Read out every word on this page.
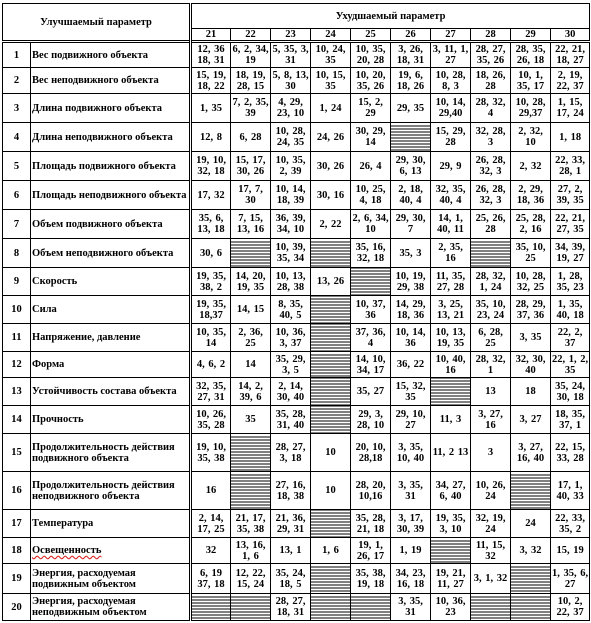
Улучшаемый параметр		Ухудшаемый параметр									
		21	22	23	24	25	26	27	28	29	30
1	Вес подвижного объекта	12, 36 18, 31	6, 2, 34, 19	5, 35, 3, 31	10, 24, 35	10, 35, 20, 28	3, 26, 18, 31	3, 11, 1, 27	28, 27, 35, 26	28, 35, 26, 18	22, 21, 18, 27
2	Вес неподвижного объекта	15, 19, 18, 22	18, 19, 28, 15	5, 8, 13, 30	10, 15, 35	10, 20, 35, 26	19, 6, 18, 26	10, 28, 8, 3	18, 26, 28	10, 1, 35, 17	2, 19, 22, 37
3	Длина подвижного объекта	1, 35	7, 2, 35, 39	4, 29, 23, 10	1, 24	15, 2, 29	29, 35	10, 14, 29,40	28, 32, 4	10, 28, 29,37	1, 15, 17, 24
4	Длина неподвижного объекта	12, 8	6, 28	10, 28, 24, 35	24, 26	30, 29, 14		15, 29, 28	32, 28, 3	2, 32, 10	1, 18
5	Площадь подвижного объекта	19, 10, 32, 18	15, 17, 30, 26	10, 35, 2, 39	30, 26	26, 4	29, 30, 6, 13	29, 9	26, 28, 32, 3	2, 32	22, 33, 28, 1
6	Площадь неподвижного объекта	17, 32	17, 7, 30	10, 14, 18, 39	30, 16	10, 25, 4, 18	2, 18, 40, 4	32, 35, 40, 4	26, 28, 32, 3	2, 29, 18, 36	27, 2, 39, 35
7	Объем подвижного объекта	35, 6, 13, 18	7, 15, 13, 16	36, 39, 34, 10	2, 22	2, 6, 34, 10	29, 30, 7	14, 1, 40, 11	25, 26, 28	25, 28, 2, 16	22, 21, 27, 35
8	Объем неподвижного объекта	30, 6		10, 39, 35, 34		35, 16, 32, 18	35, 3	2, 35, 16		35, 10, 25	34, 39, 19, 27
9	Скорость	19, 35, 38, 2	14, 20, 19, 35	10, 13, 28, 38	13, 26		10, 19, 29, 38	11, 35, 27, 28	28, 32, 1, 24	10, 28, 32, 25	1, 28, 35, 23
10	Сила	19, 35, 18,37	14, 15	8, 35, 40, 5		10, 37, 36	14, 29, 18, 36	3, 25, 13, 21	35, 10, 23, 24	28, 29, 37, 36	1, 35, 40, 18
11	Напряжение, давление	10, 35, 14	2, 36, 25	10, 36, 3, 37		37, 36, 4	10, 14, 36	10, 13, 19, 35	6, 28, 25	3, 35	22, 2, 37
12	Форма	4, 6, 2	14	35, 29, 3, 5		14, 10, 34, 17	36, 22	10, 40, 16	28, 32, 1	32, 30, 40	22, 1, 2, 35
13	Устойчивость состава объекта	32, 35, 27, 31	14, 2, 39, 6	2, 14, 30, 40		35, 27	15, 32, 35		13	18	35, 24, 30, 18
14	Прочность	10, 26, 35, 28	35	35, 28, 31, 40		29, 3, 28, 10	29, 10, 27	11, 3	3, 27, 16	3, 27	18, 35, 37, 1
15	Продолжительность действия подвижного объекта	19, 10, 35, 38		28, 27, 3, 18	10	20, 10, 28,18	3, 35, 10, 40	11, 2 13	3	3, 27, 16, 40	22, 15, 33, 28
16	Продолжительность действия неподвижного объекта	16		27, 16, 18, 38	10	28, 20, 10,16	3, 35, 31	34, 27, 6, 40	10, 26, 24		17, 1, 40, 33
17	Температура	2, 14, 17, 25	21, 17, 35, 38	21, 36, 29, 31		35, 28, 21, 18	3, 17, 30, 39	19, 35, 3, 10	32, 19, 24	24	22, 33, 35, 2
18	Освещенность	32	13, 16, 1, 6	13, 1	1, 6	19, 1, 26, 17	1, 19		11, 15, 32	3, 32	15, 19
19	Энергия, расходуемая подвижным объектом	6, 19 37, 18	12, 22, 15, 24	35, 24, 18, 5		35, 38, 19, 18	34, 23, 16, 18	19, 21, 11, 27	3, 1, 32		1, 35, 6, 27
20	Энергия, расходуемая неподвижным объектом			28, 27, 18, 31			3, 35, 31	10, 36, 23			10, 2, 22, 37
